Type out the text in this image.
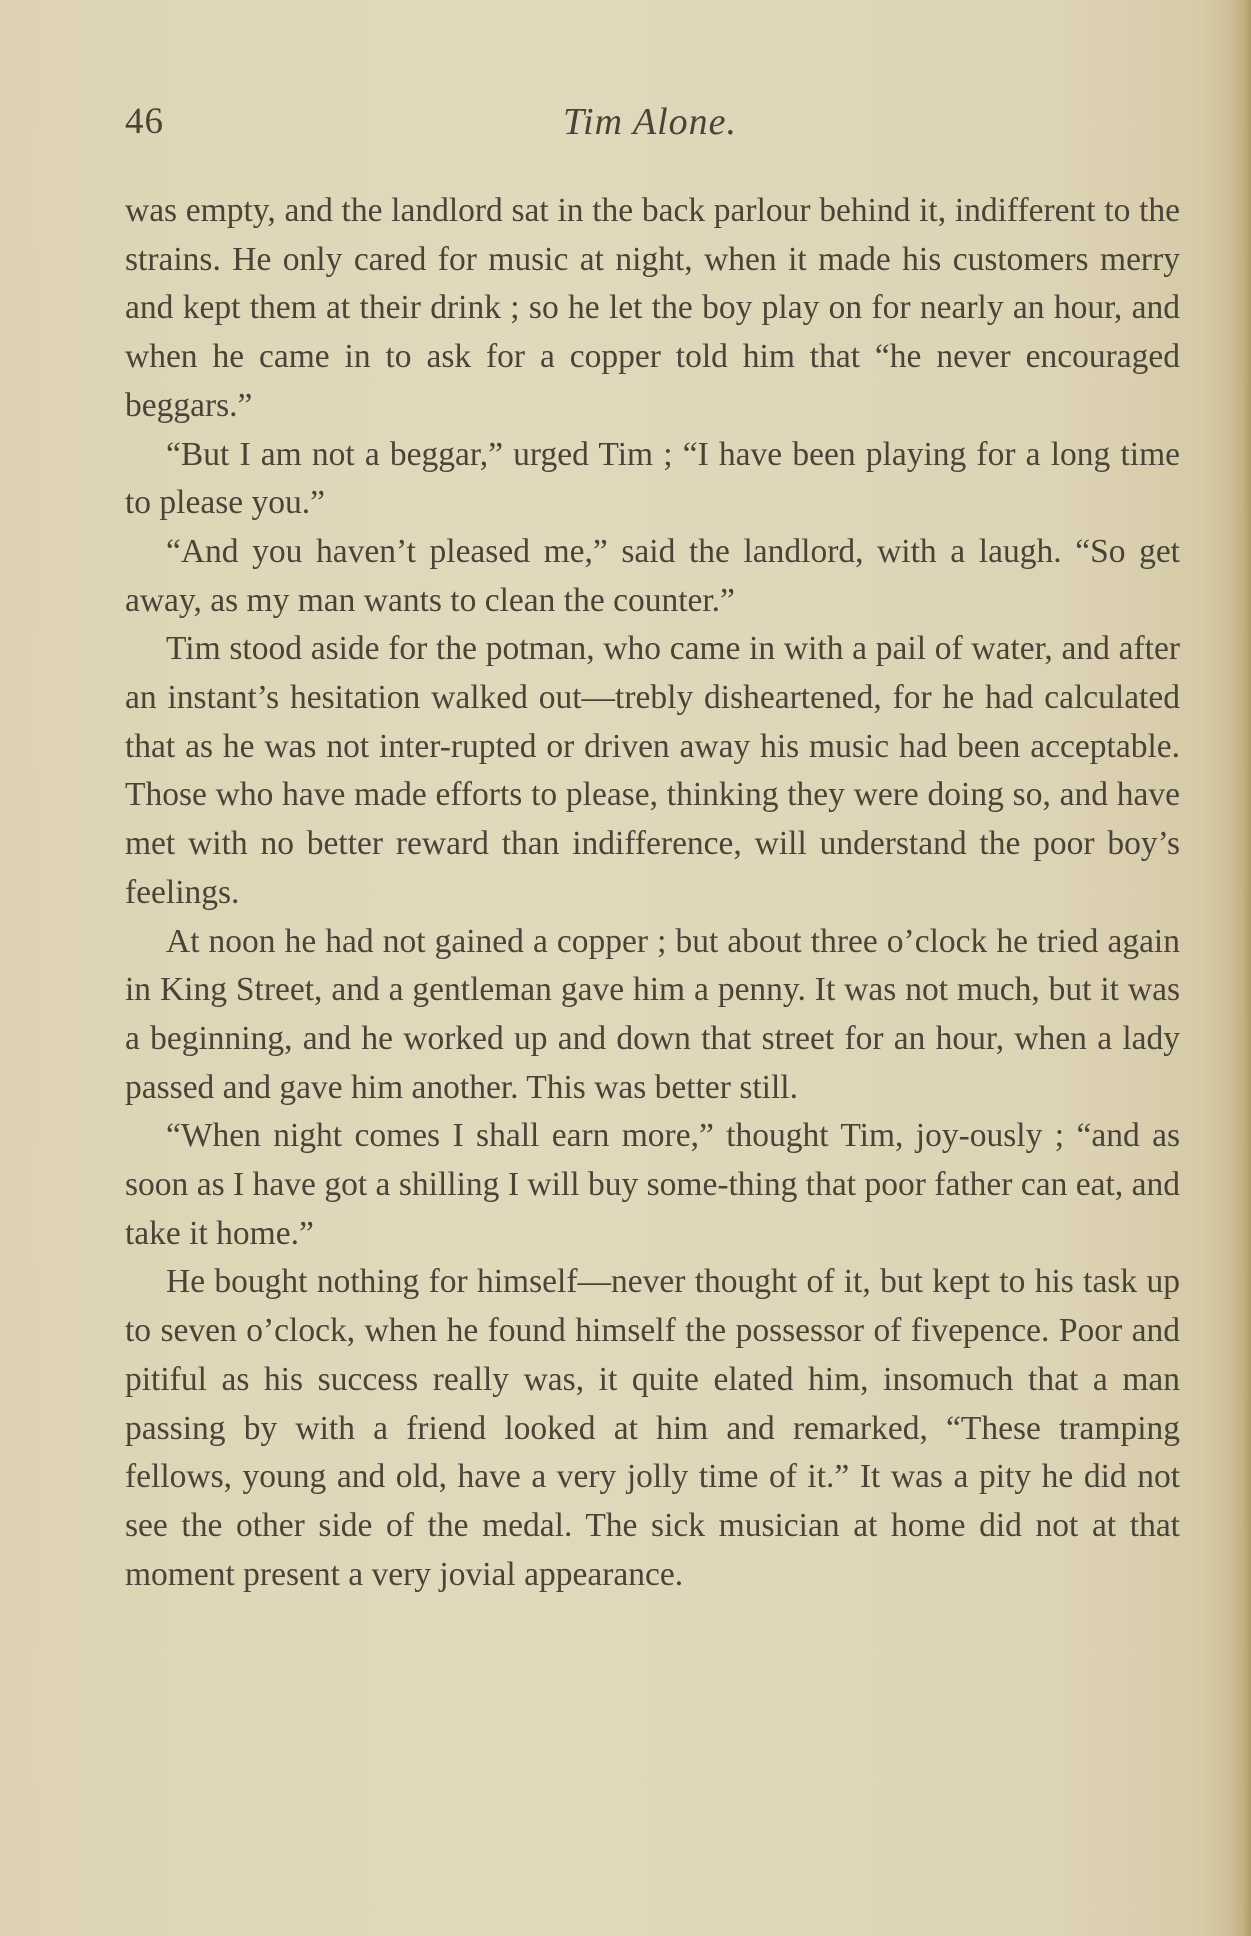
46	Tim Alone.

was empty, and the landlord sat in the back parlour behind it, indifferent to the strains. He only cared for music at night, when it made his customers merry and kept them at their drink ; so he let the boy play on for nearly an hour, and when he came in to ask for a copper told him that “he never encouraged beggars.”

“But I am not a beggar,” urged Tim ; “I have been playing for a long time to please you.”

“And you haven’t pleased me,” said the landlord, with a laugh. “So get away, as my man wants to clean the counter.”

Tim stood aside for the potman, who came in with a pail of water, and after an instant’s hesitation walked out—trebly disheartened, for he had calculated that as he was not inter-rupted or driven away his music had been acceptable. Those who have made efforts to please, thinking they were doing so, and have met with no better reward than indifference, will understand the poor boy’s feelings.

At noon he had not gained a copper ; but about three o’clock he tried again in King Street, and a gentleman gave him a penny. It was not much, but it was a beginning, and he worked up and down that street for an hour, when a lady passed and gave him another. This was better still.

“When night comes I shall earn more,” thought Tim, joy-ously ; “and as soon as I have got a shilling I will buy some-thing that poor father can eat, and take it home.”

He bought nothing for himself—never thought of it, but kept to his task up to seven o’clock, when he found himself the possessor of fivepence. Poor and pitiful as his success really was, it quite elated him, insomuch that a man passing by with a friend looked at him and remarked, “These tramping fellows, young and old, have a very jolly time of it.” It was a pity he did not see the other side of the medal. The sick musician at home did not at that moment present a very jovial appearance.
